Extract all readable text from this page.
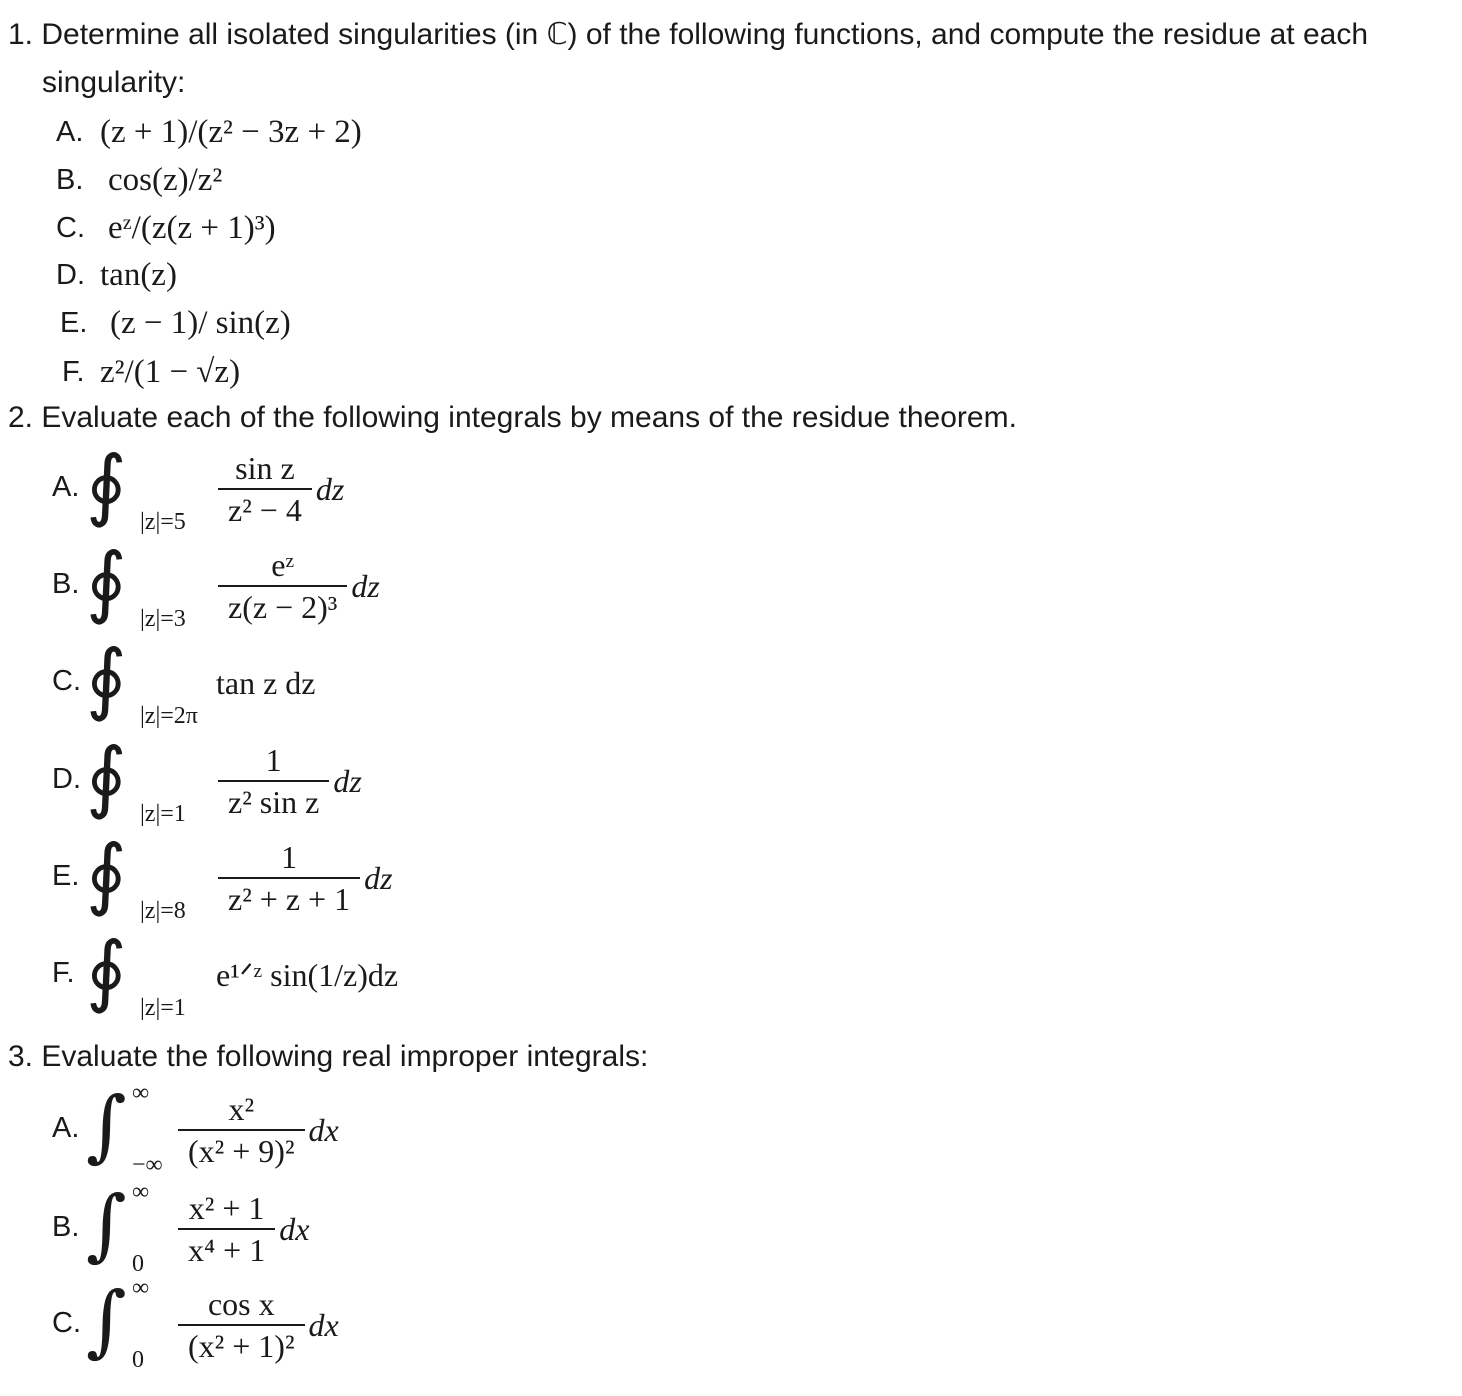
1. Determine all isolated singularities (in ℂ) of the following functions, and compute the residue at each
singularity:
A. (z + 1)/(z² − 3z + 2)
B. cos(z)/z²
C. eᶻ/(z(z + 1)³)
D. tan(z)
E. (z − 1)/ sin(z)
F. z²/(1 − √z)
2. Evaluate each of the following integrals by means of the residue theorem.
A. ∮ $|z|=5 \frac{\text{sin z}}{\text{z² − 4}}$ dz
B. ∮ $|z|=3 \frac{\text{eᶻ}}{\text{z(z − 2)³}}$ dz
C. ∮ |z|=2π
tan z dz
D. ∮ $|z|=1 \frac{1}{\text{z² sin z}}$ dz
E. ∮ $|z|=8 \frac{1}{\text{z² + z + 1}}$ dz
F. ∮ |z|=1
e¹ᐟᶻ sin(1/z)dz
3. Evaluate the following real improper integrals:
A. ∫ −∞
∞ $\frac{\text{x²}}{\text{(x² + 9)²}}$ dx
B. ∫ 0
∞ $\frac{\text{x² + 1}}{\text{x⁴ + 1}}$ dx
C. ∫ 0
∞ $\frac{\text{cos x}}{\text{(x² + 1)²}}$ dx
